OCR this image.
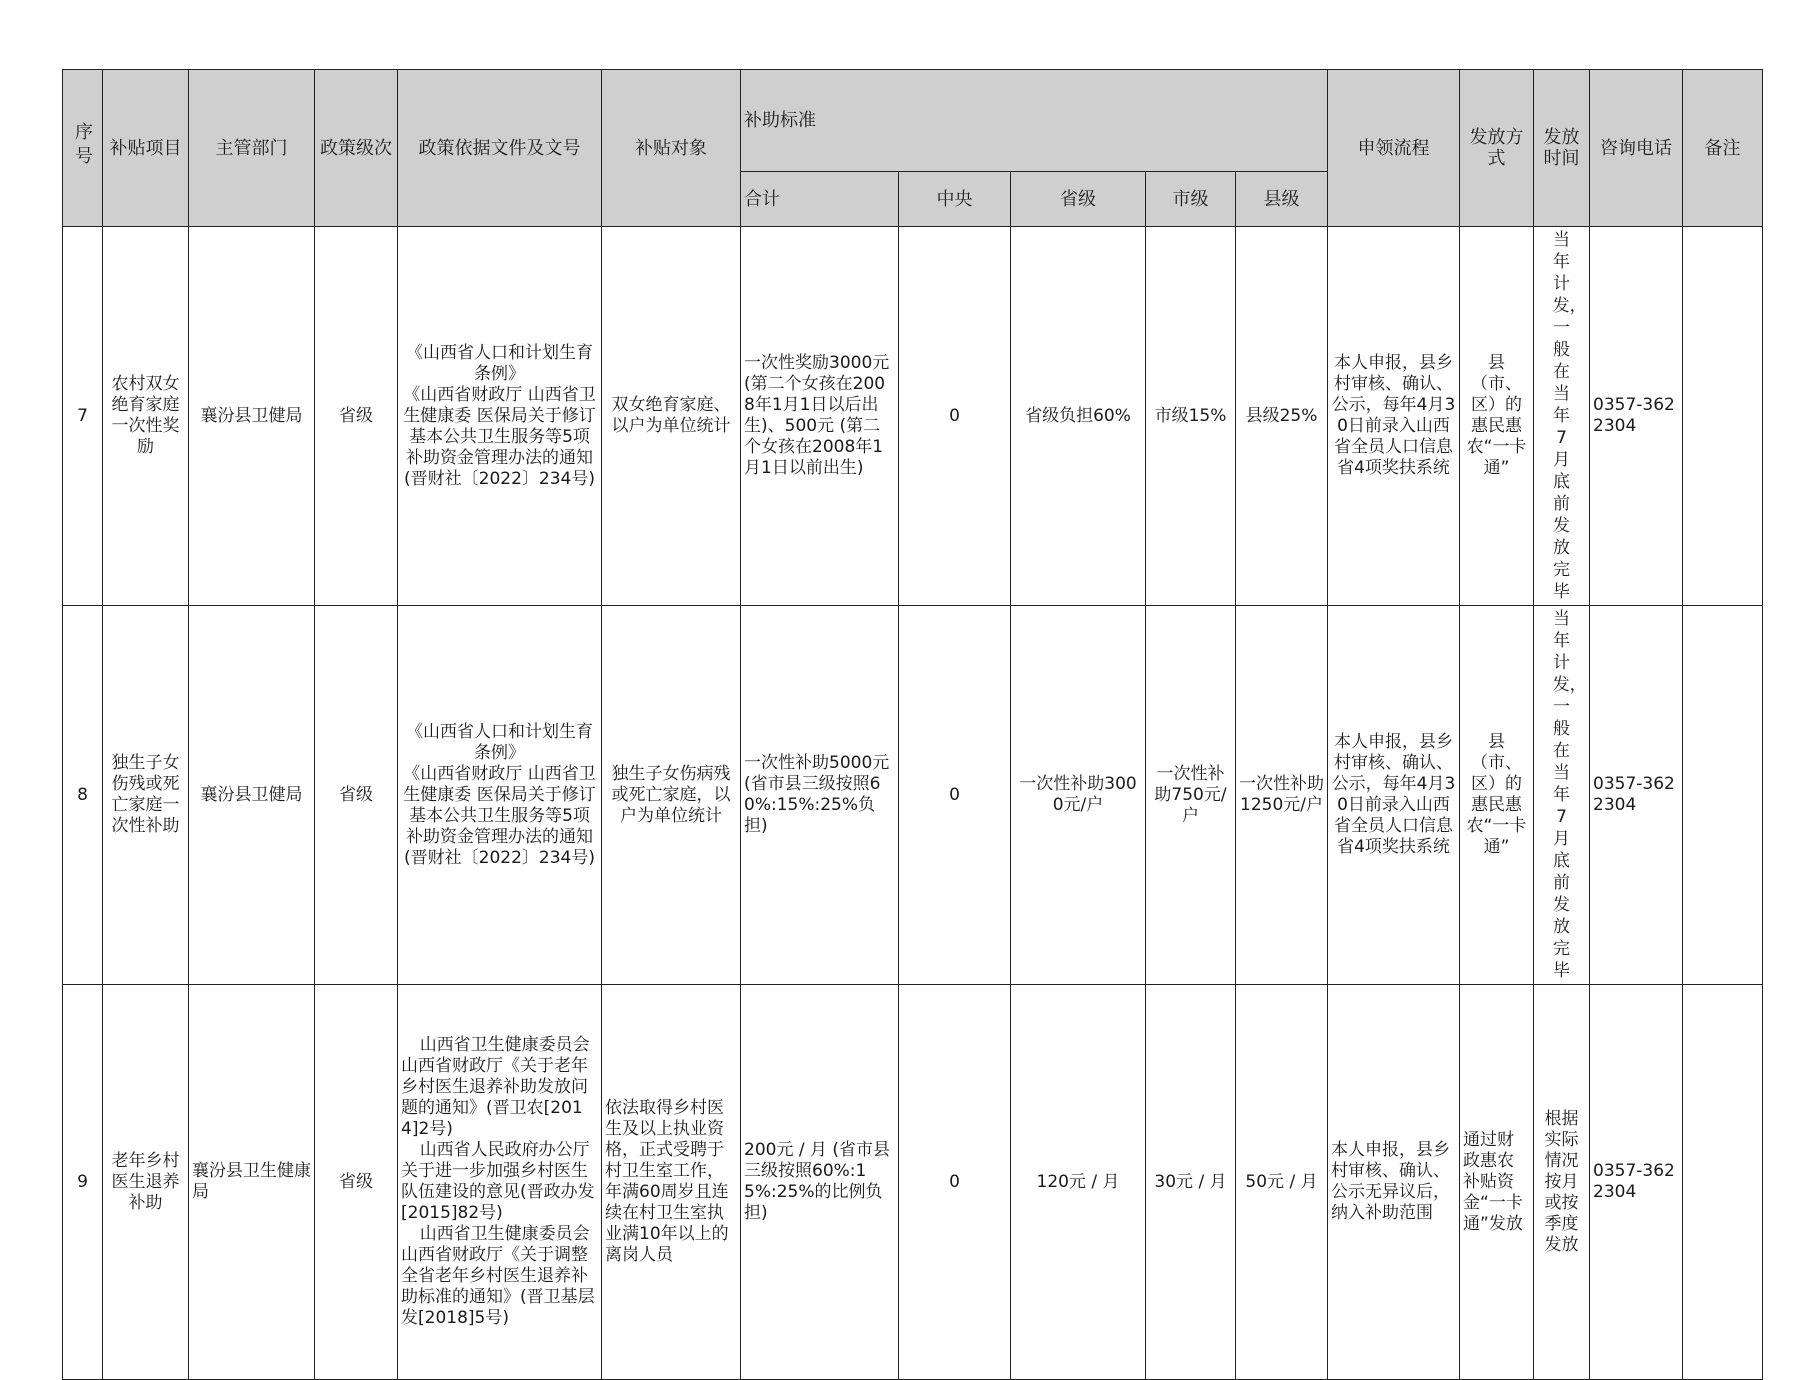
序号	补贴项目	主管部门	政策级次	政策依据文件及文号	补贴对象	补助标准					申领流程	发放方式	发放时间	咨询电话	备注
						合计	中央	省级	市级	县级					
7	农村双女绝育家庭一次性奖励	襄汾县卫健局	省级	《山西省人口和计划生育条例》
《山西省财政厅 山西省卫生健康委 医保局关于修订基本公共卫生服务等5项补助资金管理办法的通知 (晋财社〔2022〕234号)	双女绝育家庭、以户为单位统计	一次性奖励3000元 (第二个女孩在2008年1月1日以后出生)、500元 (第二个女孩在2008年1月1日以前出生)	0	省级负担60%	市级15%	县级25%	本人申报，县乡村审核、确认、公示，每年4月30日前录入山西省全员人口信息省4项奖扶系统	县（市、区）的惠民惠农“一卡通”	当年计发，一般在当年7月底前发放完毕	0357-3622304	
8	独生子女伤残或死亡家庭一次性补助	襄汾县卫健局	省级	《山西省人口和计划生育条例》
《山西省财政厅 山西省卫生健康委 医保局关于修订基本公共卫生服务等5项补助资金管理办法的通知 (晋财社〔2022〕234号)	独生子女伤病残或死亡家庭，以户为单位统计	一次性补助5000元 (省市县三级按照60%:15%:25%负担)	0	一次性补助3000元/户	一次性补助750元/户	一次性补助1250元/户	本人申报，县乡村审核、确认、公示，每年4月30日前录入山西省全员人口信息省4项奖扶系统	县（市、区）的惠民惠农“一卡通”	当年计发，一般在当年7月底前发放完毕	0357-3622304	
9	老年乡村医生退养补助	襄汾县卫生健康局	省级	山西省卫生健康委员会 山西省财政厅《关于老年乡村医生退养补助发放问题的通知》(晋卫农[2014]2号)
山西省人民政府办公厅关于进一步加强乡村医生队伍建设的意见(晋政办发[2015]82号)
山西省卫生健康委员会 山西省财政厅《关于调整全省老年乡村医生退养补助标准的通知》(晋卫基层发[2018]5号)	依法取得乡村医生及以上执业资格，正式受聘于村卫生室工作，年满60周岁且连续在村卫生室执业满10年以上的离岗人员	200元 / 月 (省市县三级按照60%:15%:25%的比例负担)	0	120元 / 月	30元 / 月	50元 / 月	本人申报，县乡村审核、确认、公示无异议后，纳入补助范围	通过财政惠农补贴资金“一卡通”发放	根据实际情况按月或按季度发放	0357-3622304	
